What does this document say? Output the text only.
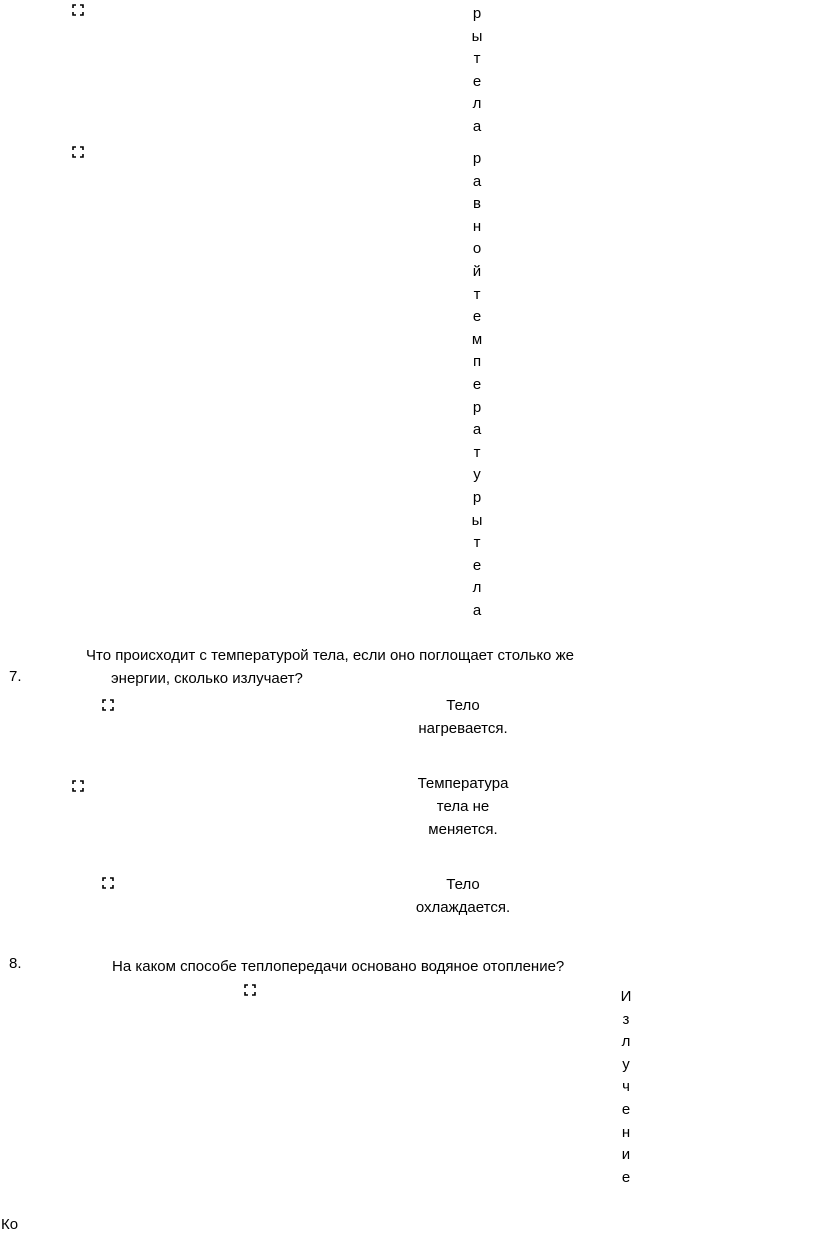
р
ы
т
е
л
а
р
а
в
н
о
й
т
е
м
п
е
р
а
т
у
р
ы
т
е
л
а
7.
Что происходит с температурой тела, если оно поглощает столько же
энергии, сколько излучает?
Тело
нагревается.
Температура
тела не
меняется.
Тело
охлаждается.
8.	На каком способе теплопередачи основано водяное отопление?
И
з
л
у
ч
е
н
и
е
Ко
